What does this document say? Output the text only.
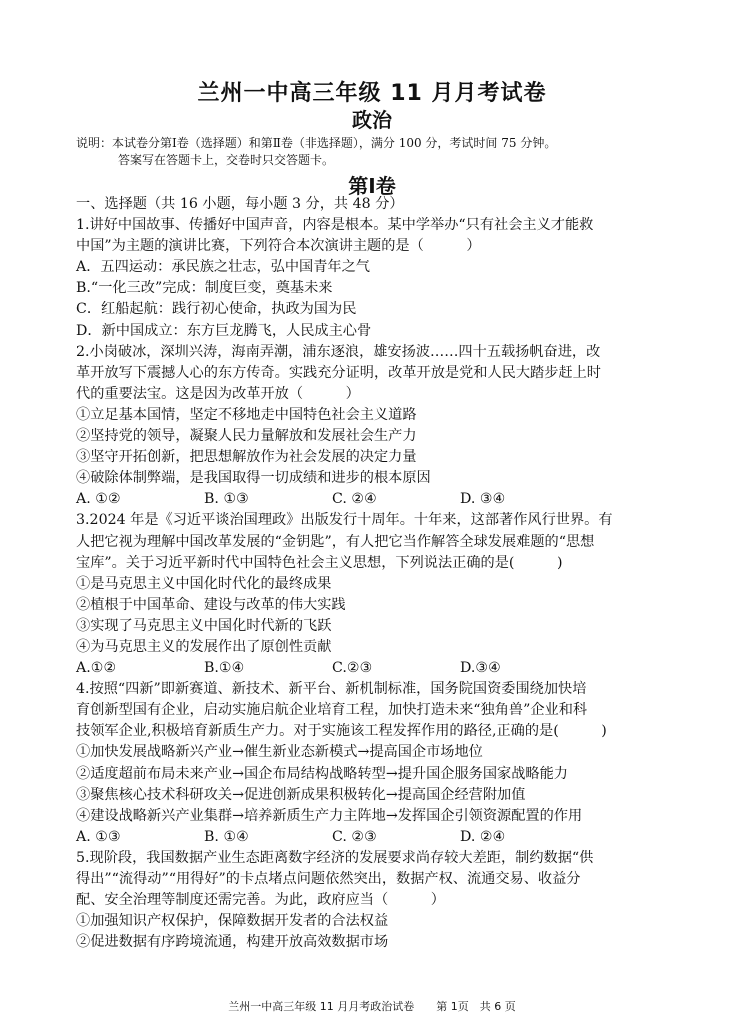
兰州一中高三年级 11 月月考试卷
政治
说明：本试卷分第Ⅰ卷（选择题）和第Ⅱ卷（非选择题），满分 100 分，考试时间 75 分钟。
答案写在答题卡上，交卷时只交答题卡。
第Ⅰ卷
一、选择题（共 16 小题，每小题 3 分，共 48 分）
1.讲好中国故事、传播好中国声音，内容是根本。某中学举办“只有社会主义才能救
中国”为主题的演讲比赛，下列符合本次演讲主题的是（　　　）
A．五四运动：承民族之壮志，弘中国青年之气
B.“一化三改”完成：制度巨变，奠基未来
C．红船起航：践行初心使命，执政为国为民
D．新中国成立：东方巨龙腾飞，人民成主心骨
2.小岗破冰，深圳兴涛，海南弄潮，浦东逐浪，雄安扬波……四十五载扬帆奋进，改
革开放写下震撼人心的东方传奇。实践充分证明，改革开放是党和人民大踏步赶上时
代的重要法宝。这是因为改革开放（　　　）
①立足基本国情，坚定不移地走中国特色社会主义道路
②坚持党的领导，凝聚人民力量解放和发展社会生产力
③坚守开拓创新，把思想解放作为社会发展的决定力量
④破除体制弊端，是我国取得一切成绩和进步的根本原因
A. ①②	B. ①③	C. ②④	D. ③④
3.2024 年是《习近平谈治国理政》出版发行十周年。十年来，这部著作风行世界。有
人把它视为理解中国改革发展的“金钥匙”，有人把它当作解答全球发展难题的“思想
宝库”。关于习近平新时代中国特色社会主义思想，下列说法正确的是(　　　)
①是马克思主义中国化时代化的最终成果
②植根于中国革命、建设与改革的伟大实践
③实现了马克思主义中国化时代新的飞跃
④为马克思主义的发展作出了原创性贡献
A.①②	B.①④	C.②③	D.③④
4.按照“四新”即新赛道、新技术、新平台、新机制标准，国务院国资委围绕加快培
育创新型国有企业，启动实施启航企业培育工程，加快打造未来“独角兽”企业和科
技领军企业,积极培育新质生产力。对于实施该工程发挥作用的路径,正确的是(　　　)
①加快发展战略新兴产业→催生新业态新模式→提高国企市场地位
②适度超前布局未来产业→国企布局结构战略转型→提升国企服务国家战略能力
③聚焦核心技术科研攻关→促进创新成果积极转化→提高国企经营附加值
④建设战略新兴产业集群→培养新质生产力主阵地→发挥国企引领资源配置的作用
A. ①③	B. ①④	C. ②③	D. ②④
5.现阶段，我国数据产业生态距离数字经济的发展要求尚存较大差距，制约数据“供
得出”“流得动”“用得好”的卡点堵点问题依然突出，数据产权、流通交易、收益分
配、安全治理等制度还需完善。为此，政府应当（　　　）
①加强知识产权保护，保障数据开发者的合法权益
②促进数据有序跨境流通，构建开放高效数据市场
兰州一中高三年级 11 月月考政治试卷　　第 1页　共 6 页
